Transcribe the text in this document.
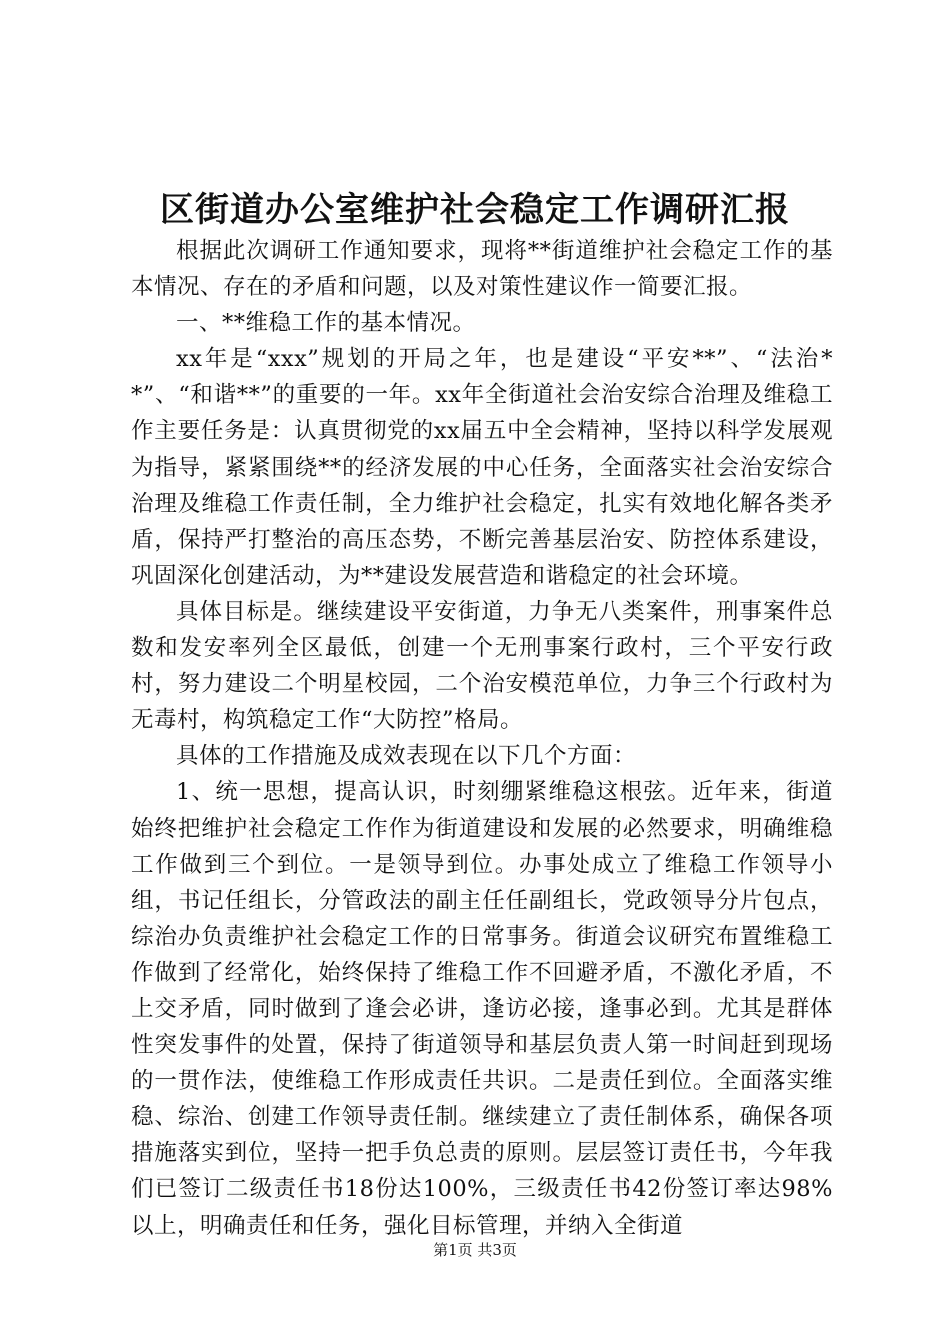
区街道办公室维护社会稳定工作调研汇报

根据此次调研工作通知要求，现将**街道维护社会稳定工作的基本情况、存在的矛盾和问题，以及对策性建议作一简要汇报。

一、**维稳工作的基本情况。

xx年是“xxx”规划的开局之年，也是建设“平安**”、“法治**”、“和谐**”的重要的一年。xx年全街道社会治安综合治理及维稳工作主要任务是：认真贯彻党的xx届五中全会精神，坚持以科学发展观为指导，紧紧围绕**的经济发展的中心任务，全面落实社会治安综合治理及维稳工作责任制，全力维护社会稳定，扎实有效地化解各类矛盾，保持严打整治的高压态势，不断完善基层治安、防控体系建设，巩固深化创建活动，为**建设发展营造和谐稳定的社会环境。

具体目标是。继续建设平安街道，力争无八类案件，刑事案件总数和发安率列全区最低，创建一个无刑事案行政村，三个平安行政村，努力建设二个明星校园，二个治安模范单位，力争三个行政村为无毒村，构筑稳定工作“大防控”格局。

具体的工作措施及成效表现在以下几个方面：

1、统一思想，提高认识，时刻绷紧维稳这根弦。近年来，街道始终把维护社会稳定工作作为街道建设和发展的必然要求，明确维稳工作做到三个到位。一是领导到位。办事处成立了维稳工作领导小组，书记任组长，分管政法的副主任任副组长，党政领导分片包点，综治办负责维护社会稳定工作的日常事务。街道会议研究布置维稳工作做到了经常化，始终保持了维稳工作不回避矛盾，不激化矛盾，不上交矛盾，同时做到了逢会必讲，逢访必接，逢事必到。尤其是群体性突发事件的处置，保持了街道领导和基层负责人第一时间赶到现场的一贯作法，使维稳工作形成责任共识。二是责任到位。全面落实维稳、综治、创建工作领导责任制。继续建立了责任制体系，确保各项措施落实到位，坚持一把手负总责的原则。层层签订责任书，今年我们已签订二级责任书18份达100%，三级责任书42份签订率达98%以上，明确责任和任务，强化目标管理，并纳入全街道

第1页 共3页
